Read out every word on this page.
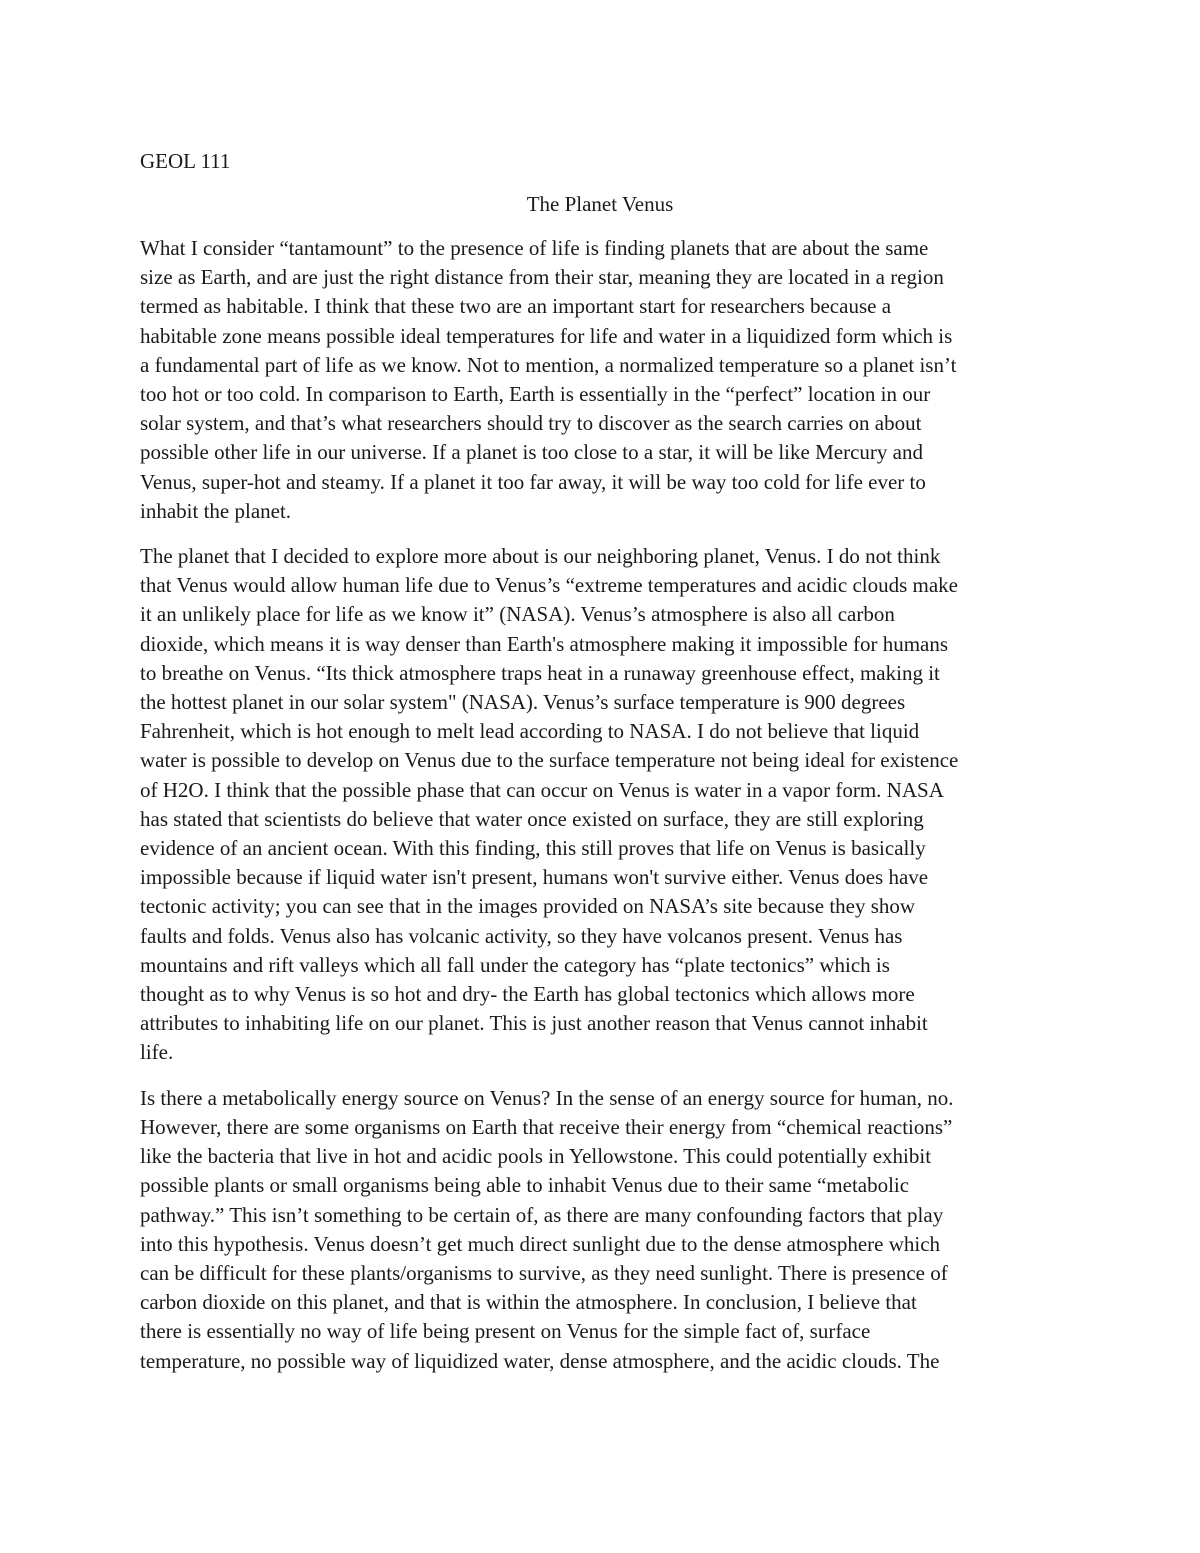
GEOL 111

The Planet Venus

What I consider “tantamount” to the presence of life is finding planets that are about the same
size as Earth, and are just the right distance from their star, meaning they are located in a region
termed as habitable. I think that these two are an important start for researchers because a
habitable zone means possible ideal temperatures for life and water in a liquidized form which is
a fundamental part of life as we know. Not to mention, a normalized temperature so a planet isn’t
too hot or too cold. In comparison to Earth, Earth is essentially in the “perfect” location in our
solar system, and that’s what researchers should try to discover as the search carries on about
possible other life in our universe. If a planet is too close to a star, it will be like Mercury and
Venus, super-hot and steamy. If a planet it too far away, it will be way too cold for life ever to
inhabit the planet.

The planet that I decided to explore more about is our neighboring planet, Venus. I do not think
that Venus would allow human life due to Venus’s “extreme temperatures and acidic clouds make
it an unlikely place for life as we know it” (NASA). Venus’s atmosphere is also all carbon
dioxide, which means it is way denser than Earth's atmosphere making it impossible for humans
to breathe on Venus. “Its thick atmosphere traps heat in a runaway greenhouse effect, making it
the hottest planet in our solar system" (NASA). Venus’s surface temperature is 900 degrees
Fahrenheit, which is hot enough to melt lead according to NASA. I do not believe that liquid
water is possible to develop on Venus due to the surface temperature not being ideal for existence
of H2O. I think that the possible phase that can occur on Venus is water in a vapor form. NASA
has stated that scientists do believe that water once existed on surface, they are still exploring
evidence of an ancient ocean. With this finding, this still proves that life on Venus is basically
impossible because if liquid water isn't present, humans won't survive either. Venus does have
tectonic activity; you can see that in the images provided on NASA’s site because they show
faults and folds. Venus also has volcanic activity, so they have volcanos present. Venus has
mountains and rift valleys which all fall under the category has “plate tectonics” which is
thought as to why Venus is so hot and dry- the Earth has global tectonics which allows more
attributes to inhabiting life on our planet. This is just another reason that Venus cannot inhabit
life.

Is there a metabolically energy source on Venus? In the sense of an energy source for human, no.
However, there are some organisms on Earth that receive their energy from “chemical reactions”
like the bacteria that live in hot and acidic pools in Yellowstone. This could potentially exhibit
possible plants or small organisms being able to inhabit Venus due to their same “metabolic
pathway.” This isn’t something to be certain of, as there are many confounding factors that play
into this hypothesis. Venus doesn’t get much direct sunlight due to the dense atmosphere which
can be difficult for these plants/organisms to survive, as they need sunlight. There is presence of
carbon dioxide on this planet, and that is within the atmosphere. In conclusion, I believe that
there is essentially no way of life being present on Venus for the simple fact of, surface
temperature, no possible way of liquidized water, dense atmosphere, and the acidic clouds. The
